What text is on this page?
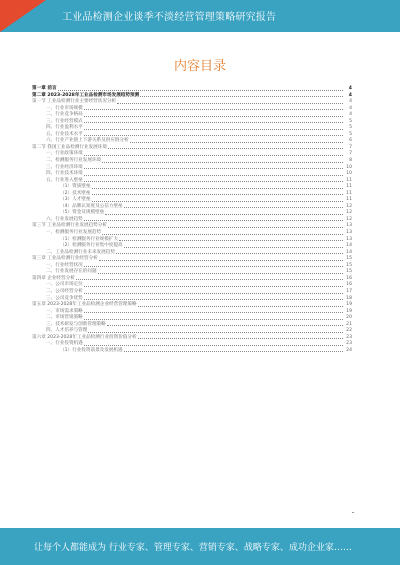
工业品检测企业谈季不淡经营管理策略研究报告
内容目录
第一章 前言	4
第二章 2023-2028年工业品检测市场发展趋势预测	4
第一节 工业品检测行业主要经营状况分析	4
一、行业市场规模	4
二、行业竞争格局	4
三、行业经营模式	5
四、行业盈利水平	5
五、行业技术水平	5
六、行业产业链上下游关系及供应链分析	6
第二节 我国工业品检测行业发展环境	7
一、行业政策环境	7
二、检测服务行业发展环境	8
三、行业经济环境	10
四、行业技术环境	10
五、行业进入壁垒	11
（1）资质壁垒	11
（2）技术壁垒	11
（3）人才壁垒	11
（4）品牌认知度及公信力壁垒	12
（5）资金及规模壁垒	12
六、行业发展趋势	12
第三节 工业品检测行业发展趋势分析	13
一、检测服务行业发展趋势	13
（1）检测服务行业规模扩大	13
（2）检测服务行业集中度提高	14
二、工业品检测行业未来发展趋势	14
第三章 工业品检测行业经营分析	15
一、行业经营状况	15
二、行业发展存在的问题	15
第四章 企业经营分析	16
一、公司市场定位	16
二、公司经营分析	17
三、公司竞争优势	18
第五章 2023-2028年工业品检测企业经营管理策略	19
一、市场需求策略	19
二、市场营销策略	20
三、技术研发与创新管理策略	21
四、人才培养与管理	22
第六章 2023-2028年工业品检测行业投资价值分析	23
一、行业投资机遇	23
（1）行业投资前景及发展机遇	24
让每个人都能成为 行业专家、管理专家、营销专家、战略专家、成功企业家……
